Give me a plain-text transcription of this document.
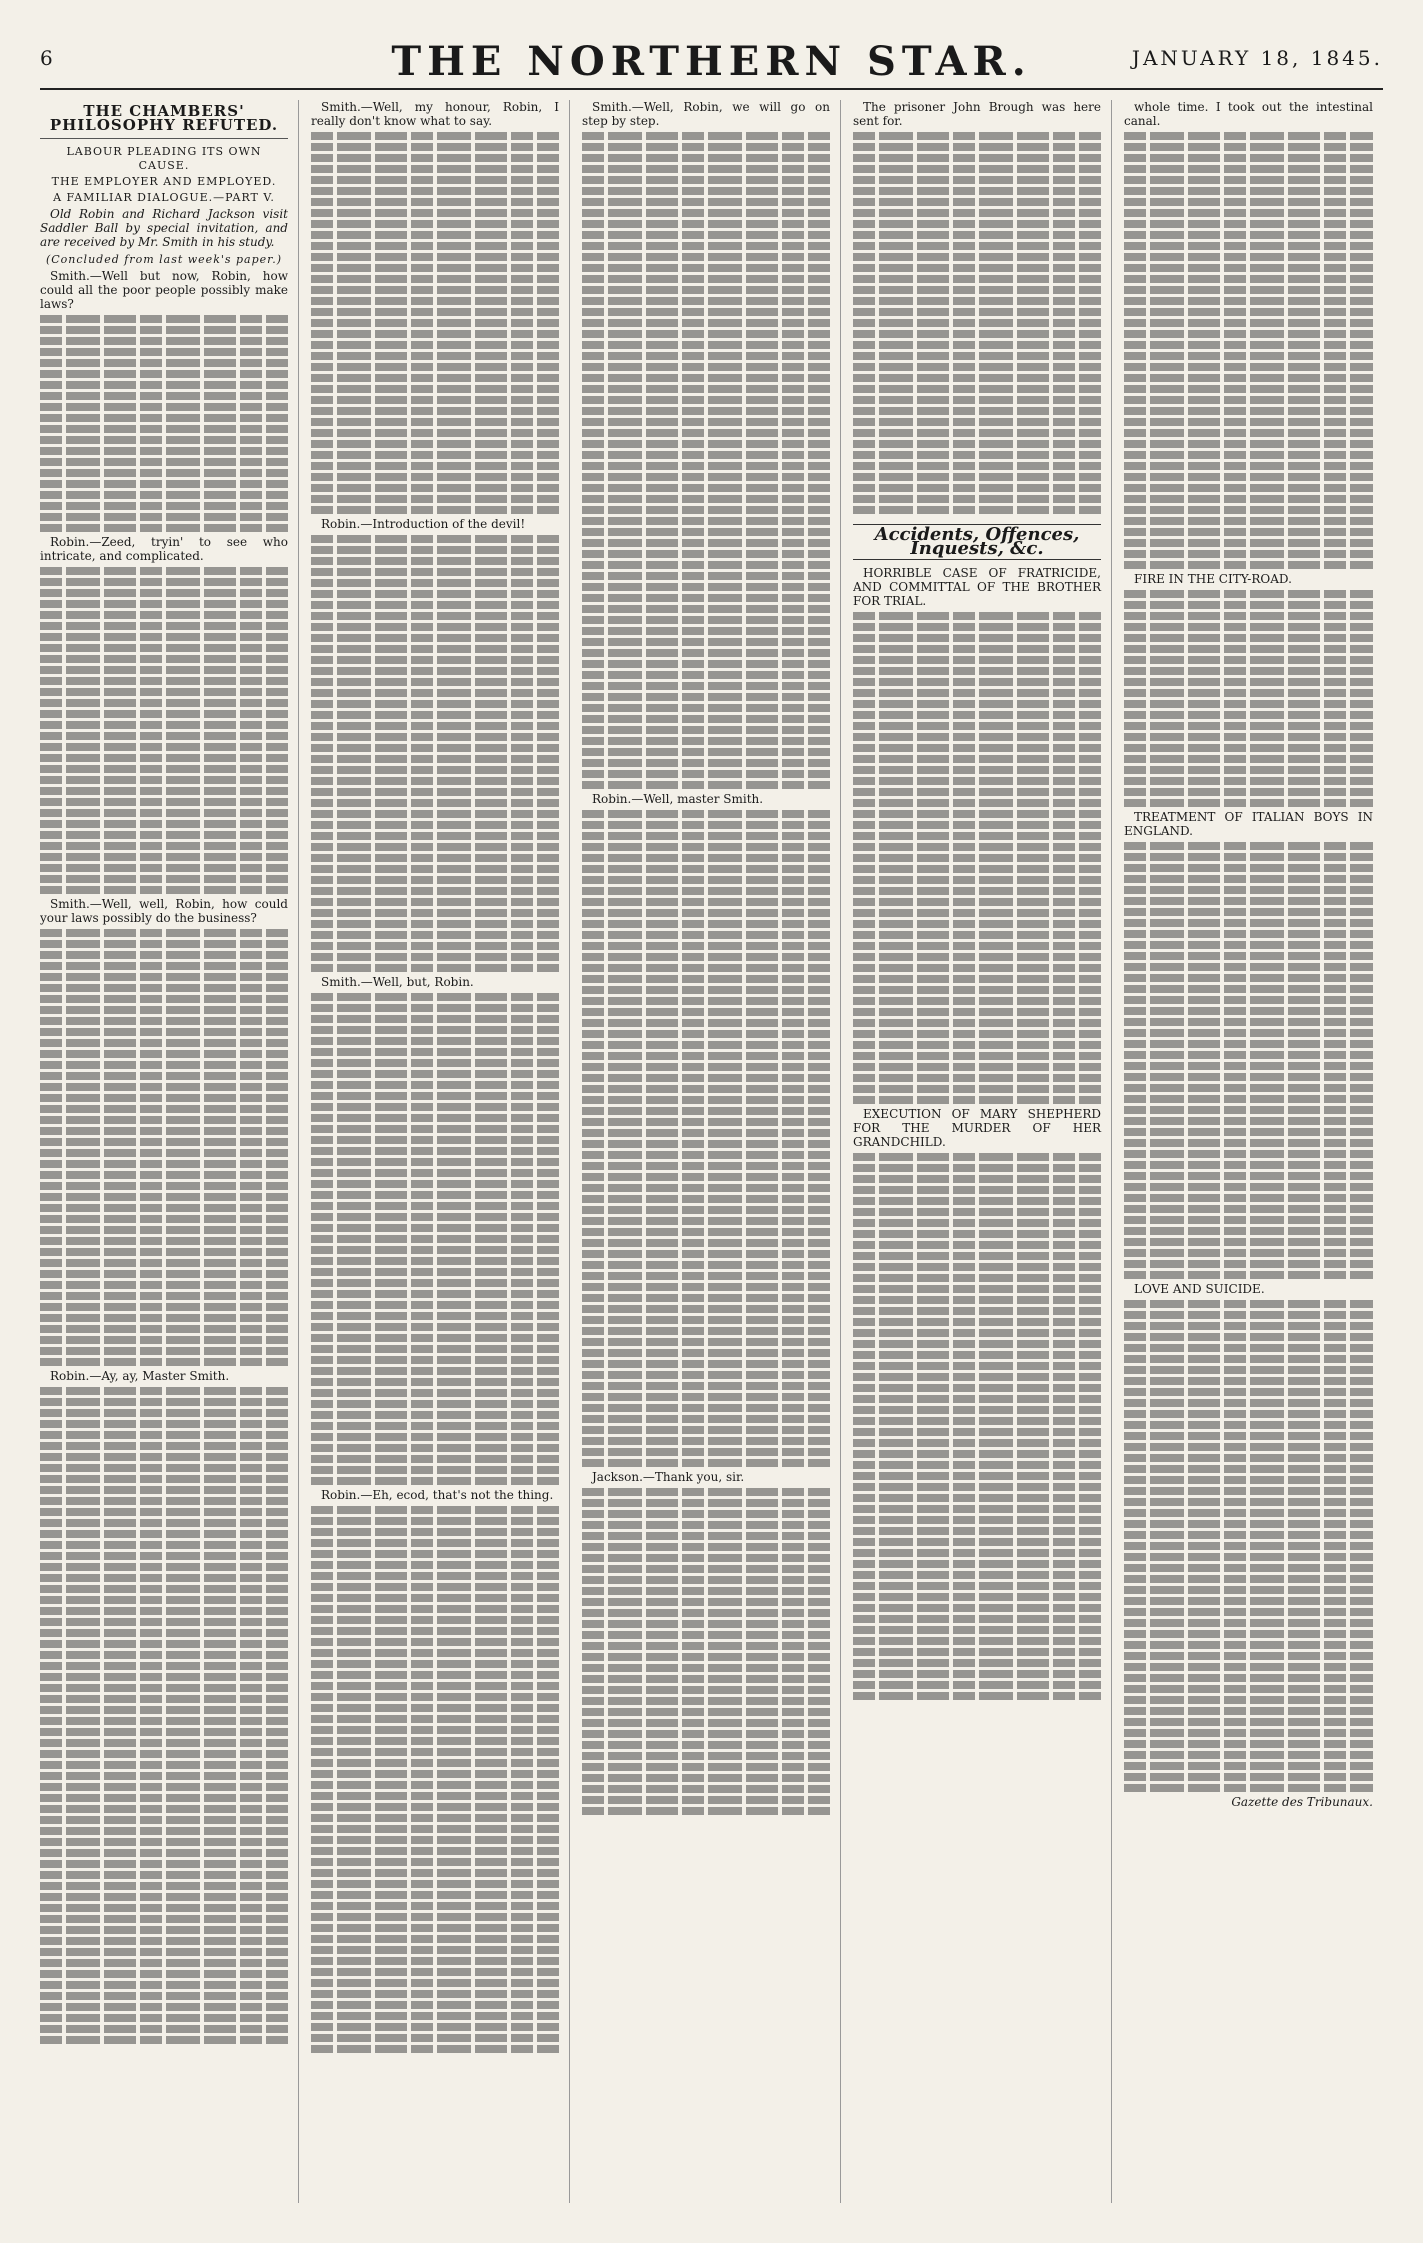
6	THE NORTHERN STAR.	JANUARY 18, 1845.
THE CHAMBERS' PHILOSOPHY REFUTED.
LABOUR PLEADING ITS OWN CAUSE.
THE EMPLOYER AND EMPLOYED.
A FAMILIAR DIALOGUE.—PART V.

Old Robin and Richard Jackson visit Saddler Ball by special invitation, and are received by Mr. Smith in his study.

(Concluded from last week's paper.)

Smith.—Well but now, Robin, how could all the poor people possibly make laws?

Robin.—Zeed, tryin' to see who intricate, and complicated.

Smith.—Well, well, Robin, how could your laws possibly do the business?

Robin.—Ay, ay, Master Smith.

Smith.—Well, my honour, Robin, I really don't know what to say.

Robin.—Introduction of the devil!

Smith.—Well, but, Robin.

Robin.—Eh, ecod, that's not the thing.

Smith.—Well, Robin, we will go on step by step.

Robin.—Well, master Smith.

Jackson.—Thank you, sir.

The prisoner John Brough was here sent for.

Accidents, Offences, Inquests, &c.

HORRIBLE CASE OF FRATRICIDE, AND COMMITTAL OF THE BROTHER FOR TRIAL.

EXECUTION OF MARY SHEPHERD FOR THE MURDER OF HER GRANDCHILD.

whole time. I took out the intestinal canal.

FIRE IN THE CITY-ROAD.

TREATMENT OF ITALIAN BOYS IN ENGLAND.

LOVE AND SUICIDE.

Gazette des Tribunaux.
